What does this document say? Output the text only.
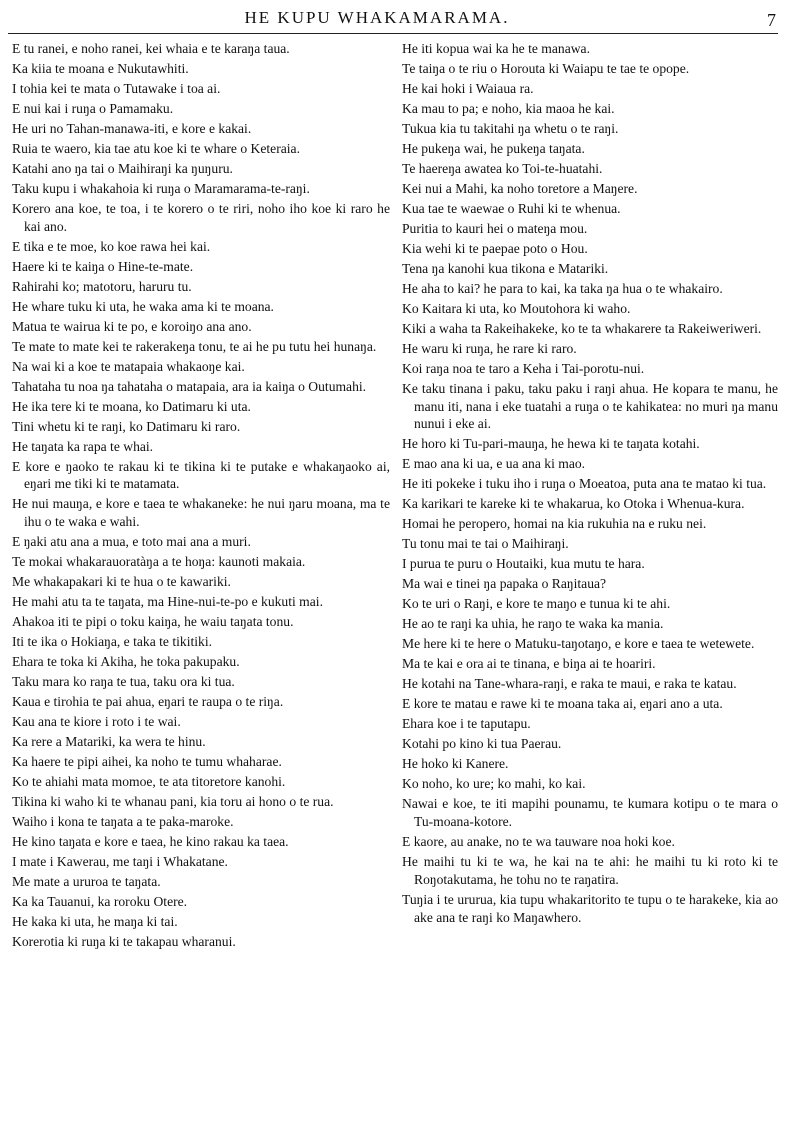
HE KUPU WHAKAMARAMA.	7

E tu ranei, e noho ranei, kei whaia e te karaŋa taua.

Ka kiia te moana e Nukutawhiti.

I tohia kei te mata o Tutawake i toa ai.

E nui kai i ruŋa o Pamamaku.

He uri no Tahan-manawa-iti, e kore e kakai.

Ruia te waero, kia tae atu koe ki te whare o Keteraia.

Katahi ano ŋa tai o Maihiraŋi ka ŋuŋuru.

Taku kupu i whakahoia ki ruŋa o Maramarama-te-raŋi.

Korero ana koe, te toa, i te korero o te riri, noho iho koe ki raro he kai ano.

E tika e te moe, ko koe rawa hei kai.

Haere ki te kaiŋa o Hine-te-mate.

Rahirahi ko; matotoru, haruru tu.

He whare tuku ki uta, he waka ama ki te moana.

Matua te wairua ki te po, e koroiŋo ana ano.

Te mate to mate kei te rakerakeŋa tonu, te ai he pu tutu hei hunaŋa.

Na wai ki a koe te matapaia whakaoŋe kai.

Tahataha tu noa ŋa tahataha o matapaia, ara ia kaiŋa o Outumahi.

He ika tere ki te moana, ko Datimaru ki uta.

Tini whetu ki te raŋi, ko Datimaru ki raro.

He taŋata ka rapa te whai.

E kore e ŋaoko te rakau ki te tikina ki te putake e whakaŋaoko ai, eŋari me tiki ki te matamata.

He nui mauŋa, e kore e taea te whakaneke: he nui ŋaru moana, ma te ihu o te waka e wahi.

E ŋaki atu ana a mua, e toto mai ana a muri.

Te mokai whakarauoratàŋa a te hoŋa: kaunoti makaia.

Me whakapakari ki te hua o te kawariki.

He mahi atu ta te taŋata, ma Hine-nui-te-po e kukuti mai.

Ahakoa iti te pipi o toku kaiŋa, he waiu taŋata tonu.

Iti te ika o Hokiaŋa, e taka te tikitiki.

Ehara te toka ki Akiha, he toka pakupaku.

Taku mara ko raŋa te tua, taku ora ki tua.

Kaua e tirohia te pai ahua, eŋari te raupa o te riŋa.

Kau ana te kiore i roto i te wai.

Ka rere a Matariki, ka wera te hinu.

Ka haere te pipi aihei, ka noho te tumu whaharae.

Ko te ahiahi mata momoe, te ata titoretore kanohi.

Tikina ki waho ki te whanau pani, kia toru ai hono o te rua.

Waiho i kona te taŋata a te paka-maroke.

He kino taŋata e kore e taea, he kino rakau ka taea.

I mate i Kawerau, me taŋi i Whakatane.

Me mate a ururoa te taŋata.

Ka ka Tauanui, ka roroku Otere.

He kaka ki uta, he maŋa ki tai.

Korerotia ki ruŋa ki te takapau wharanui.

He iti kopua wai ka he te manawa.

Te taiŋa o te riu o Horouta ki Waiapu te tae te opope.

He kai hoki i Waiaua ra.

Ka mau to pa; e noho, kia maoa he kai.

Tukua kia tu takitahi ŋa whetu o te raŋi.

He pukeŋa wai, he pukeŋa taŋata.

Te haereŋa awatea ko Toi-te-huatahi.

Kei nui a Mahi, ka noho toretore a Maŋere.

Kua tae te waewae o Ruhi ki te whenua.

Puritia to kauri hei o mateŋa mou.

Kia wehi ki te paepae poto o Hou.

Tena ŋa kanohi kua tikona e Matariki.

He aha to kai? he para to kai, ka taka ŋa hua o te whakairo.

Ko Kaitara ki uta, ko Moutohora ki waho.

Kiki a waha ta Rakeihakeke, ko te ta whakarere ta Rakeiweriweri.

He waru ki ruŋa, he rare ki raro.

Koi raŋa noa te taro a Keha i Tai-porotu-nui.

Ke taku tinana i paku, taku paku i raŋi ahua. He kopara te manu, he manu iti, nana i eke tuatahi a ruŋa o te kahikatea: no muri ŋa manu nunui i eke ai.

He horo ki Tu-pari-mauŋa, he hewa ki te taŋata kotahi.

E mao ana ki ua, e ua ana ki mao.

He iti pokeke i tuku iho i ruŋa o Moeatoa, puta ana te matao ki tua.

Ka karikari te kareke ki te whakarua, ko Otoka i Whenua-kura.

Homai he peropero, homai na kia rukuhia na e ruku nei.

Tu tonu mai te tai o Maihiraŋi.

I purua te puru o Houtaiki, kua mutu te hara.

Ma wai e tinei ŋa papaka o Raŋitaua?

Ko te uri o Raŋi, e kore te maŋo e tunua ki te ahi.

He ao te raŋi ka uhia, he raŋo te waka ka mania.

Me here ki te here o Matuku-taŋotaŋo, e kore e taea te wetewete.

Ma te kai e ora ai te tinana, e biŋa ai te hoariri.

He kotahi na Tane-whara-raŋi, e raka te maui, e raka te katau.

E kore te matau e rawe ki te moana taka ai, eŋari ano a uta.

Ehara koe i te taputapu.

Kotahi po kino ki tua Paerau.

He hoko ki Kanere.

Ko noho, ko ure; ko mahi, ko kai.

Nawai e koe, te iti mapihi pounamu, te kumara kotipu o te mara o Tu-moana-kotore.

E kaore, au anake, no te wa tauware noa hoki koe.

He maihi tu ki te wa, he kai na te ahi: he maihi tu ki roto ki te Roŋotakutama, he tohu no te raŋatira.

Tuŋia i te ururua, kia tupu whakaritorito te tupu o te harakeke, kia ao ake ana te raŋi ko Maŋawhero.
